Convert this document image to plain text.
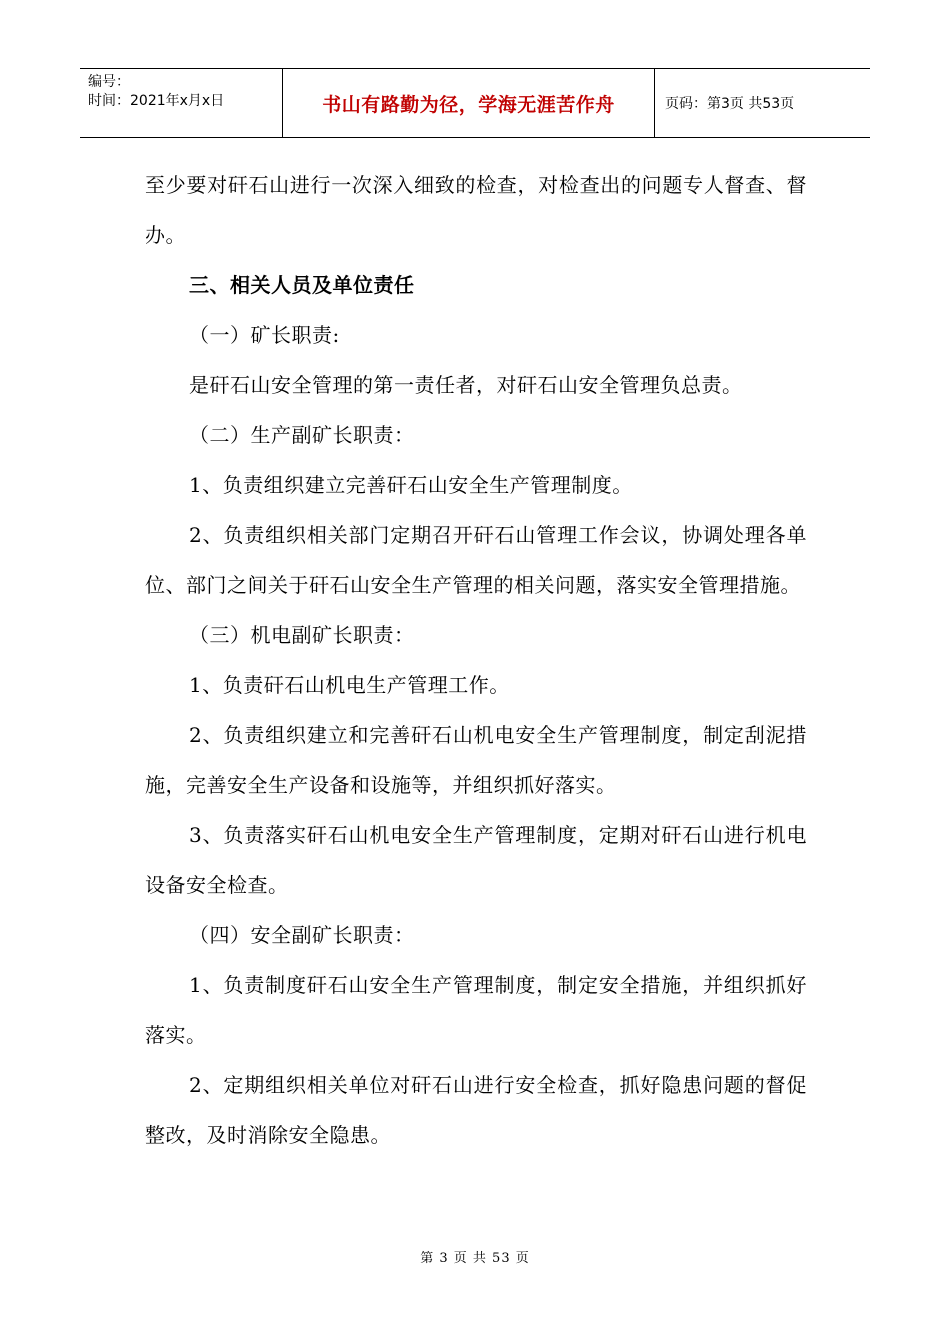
编号：
时间：2021年x月x日	书山有路勤为径，学海无涯苦作舟	页码：第3页 共53页

至少要对矸石山进行一次深入细致的检查，对检查出的问题专人督查、督办。

三、相关人员及单位责任

（一）矿长职责:

是矸石山安全管理的第一责任者，对矸石山安全管理负总责。

（二）生产副矿长职责：

1、负责组织建立完善矸石山安全生产管理制度。

2、负责组织相关部门定期召开矸石山管理工作会议，协调处理各单位、部门之间关于矸石山安全生产管理的相关问题，落实安全管理措施。

（三）机电副矿长职责：

1、负责矸石山机电生产管理工作。

2、负责组织建立和完善矸石山机电安全生产管理制度，制定刮泥措施，完善安全生产设备和设施等，并组织抓好落实。

3、负责落实矸石山机电安全生产管理制度，定期对矸石山进行机电设备安全检查。

（四）安全副矿长职责：

1、负责制度矸石山安全生产管理制度，制定安全措施，并组织抓好落实。

2、定期组织相关单位对矸石山进行安全检查，抓好隐患问题的督促整改，及时消除安全隐患。

第 3 页 共 53 页
